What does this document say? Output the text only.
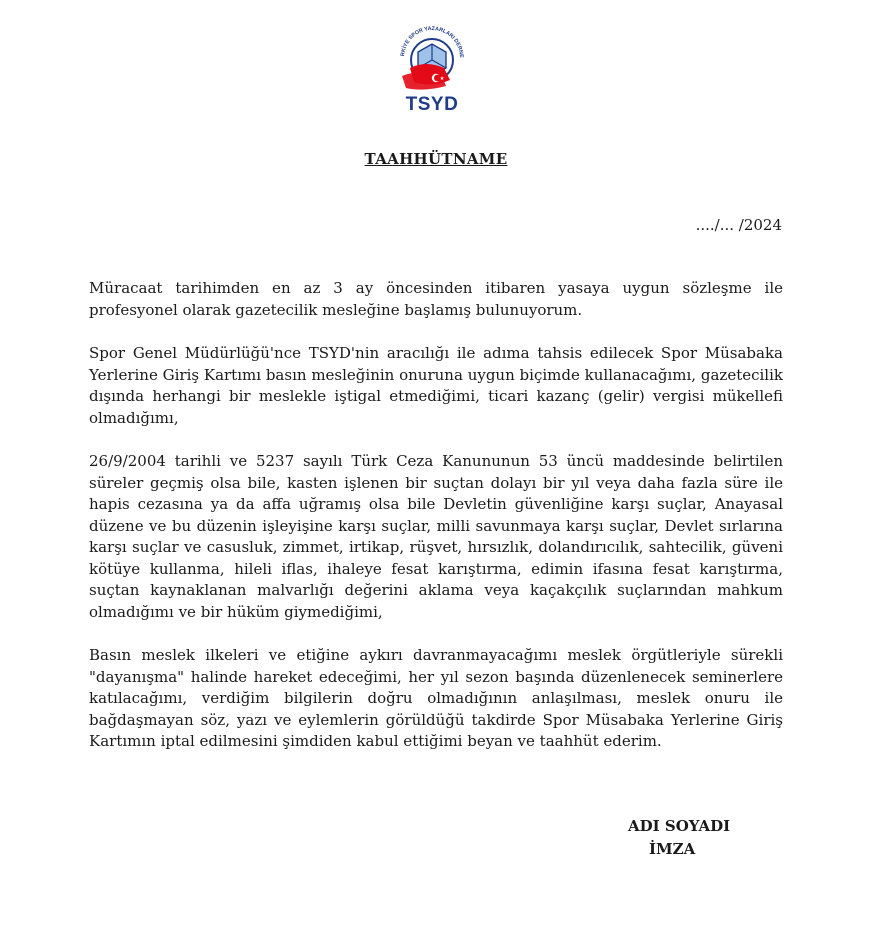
RKİYE SPOR YAZARLARI DERNE
TSYD
TAAHHÜTNAME
..../... /2024

Müracaat tarihimden en az 3 ay öncesinden itibaren yasaya uygun sözleşme ile profesyonel olarak gazetecilik mesleğine başlamış bulunuyorum.

Spor Genel Müdürlüğü'nce TSYD'nin aracılığı ile adıma tahsis edilecek Spor Müsabaka Yerlerine Giriş Kartımı basın mesleğinin onuruna uygun biçimde kullanacağımı, gazetecilik dışında herhangi bir meslekle iştigal etmediğimi, ticari kazanç (gelir) vergisi mükellefi olmadığımı,

26/9/2004 tarihli ve 5237 sayılı Türk Ceza Kanununun 53 üncü maddesinde belirtilen süreler geçmiş olsa bile, kasten işlenen bir suçtan dolayı bir yıl veya daha fazla süre ile hapis cezasına ya da affa uğramış olsa bile Devletin güvenliğine karşı suçlar, Anayasal düzene ve bu düzenin işleyişine karşı suçlar, milli savunmaya karşı suçlar, Devlet sırlarına karşı suçlar ve casusluk, zimmet, irtikap, rüşvet, hırsızlık, dolandırıcılık, sahtecilik, güveni kötüye kullanma, hileli iflas, ihaleye fesat karıştırma, edimin ifasına fesat karıştırma, suçtan kaynaklanan malvarlığı değerini aklama veya kaçakçılık suçlarından mahkum olmadığımı ve bir hüküm giymediğimi,

Basın meslek ilkeleri ve etiğine aykırı davranmayacağımı meslek örgütleriyle sürekli "dayanışma" halinde hareket edeceğimi, her yıl sezon başında düzenlenecek seminerlere katılacağımı, verdiğim bilgilerin doğru olmadığının anlaşılması, meslek onuru ile bağdaşmayan söz, yazı ve eylemlerin görüldüğü takdirde Spor Müsabaka Yerlerine Giriş Kartımın iptal edilmesini şimdiden kabul ettiğimi beyan ve taahhüt ederim.

ADI SOYADI
İMZA
